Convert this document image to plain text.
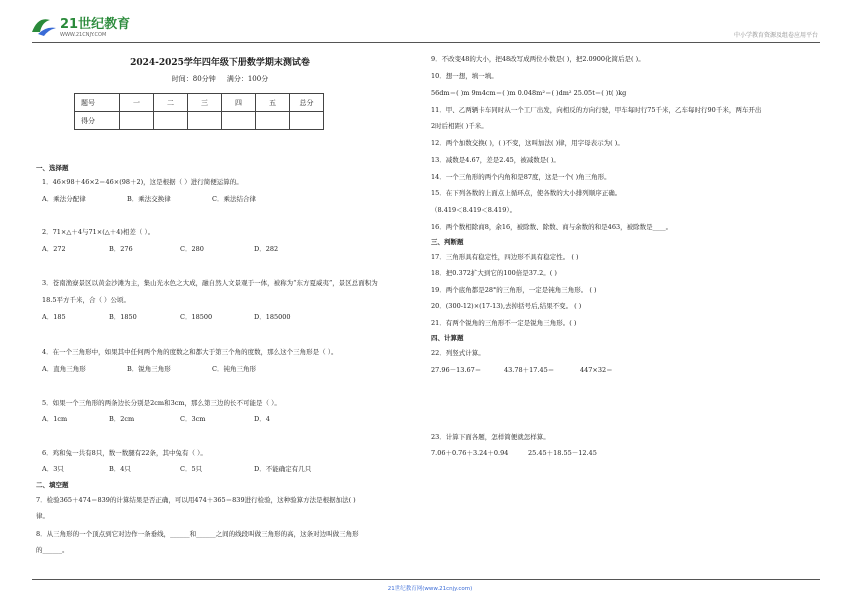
21世纪教育
WWW.21CNJY.COM	中小学教育资源及组卷应用平台
2024-2025学年四年级下册数学期末测试卷
时间：80分钟 满分：100分
题号	一	二	三	四	五	总分
得分						
一、选择题
1．46×98＋46×2＝46×(98＋2)，这是根据（ ）进行简便运算的。
A．乘法分配律	B．乘法交换律	C．乘法结合律
2．71×△＋4与71×(△＋4)相差（ ）。
A．272	B．276	C．280	D．282
3．苍南渔寮景区以黄金沙滩为主，集山光水色之大成，融自然人文景观于一体，被称为“东方夏威夷”，景区总面积为
18.5平方千米，合（ ）公顷。
A．185	B．1850	C．18500	D．185000
4．在一个三角形中，如果其中任何两个角的度数之和都大于第三个角的度数，那么这个三角形是（ ）。
A．直角三角形	B．锐角三角形	C．钝角三角形
5．如果一个三角形的两条边长分别是2cm和3cm，那么第三边的长不可能是（ ）。
A．1cm	B．2cm	C．3cm	D．4
6．鸡和兔一共有8只，数一数腿有22条，其中兔有（ ）。
A．3只	B．4只	C．5只	D．不能确定有几只
二、填空题
7．检验365＋474＝839的计算结果是否正确，可以用474＋365＝839进行检验，这种验算方法是根据加法( )
律。
8．从三角形的一个顶点到它对边作一条垂线，______和______之间的线段叫做三角形的高，这条对边叫做三角形
的______。
9．不改变48的大小，把48改写成两位小数是( )，把2.0900化简后是( )。
10．想一想，填一填。
56dm＝( )m 9m4cm＝( )m 0.048m²＝( )dm² 25.05t＝( )t( )kg
11．甲、乙两辆卡车同时从一个工厂出发，向相反的方向行驶，甲车每时行75千米，乙车每时行90千米，两车开出
2时后相距( )千米。
12．两个加数交换( )，( )不变，这叫加法( )律，用字母表示为( )。
13．减数是4.67，差是2.45，被减数是( )。
14．一个三角形的两个内角和是87度，这是一个( )角三角形。
15．在下列各数的上面点上循环点，使各数的大小排列顺序正确。
（8.419＜8.419＜8.419）。
16．两个数相除商8，余16，被除数、除数、商与余数的和是463，被除数是____。
三、判断题
17．三角形具有稳定性，四边形不具有稳定性。 ( )
18．把0.372扩大到它的100倍是37.2。( )
19．两个底角都是28°的三角形，一定是钝角三角形。 ( )
20．(300-12)×(17-13),去掉括号后,结果不变。 ( )
21．有两个锐角的三角形不一定是锐角三角形。( )
四、计算题
22．列竖式计算。
27.96－13.67＝	43.78＋17.45＝	447×32＝
23．计算下面各题，怎样简便就怎样算。
7.06＋0.76＋3.24＋0.94	25.45＋18.55－12.45
21世纪教育网(www.21cnjy.com)
